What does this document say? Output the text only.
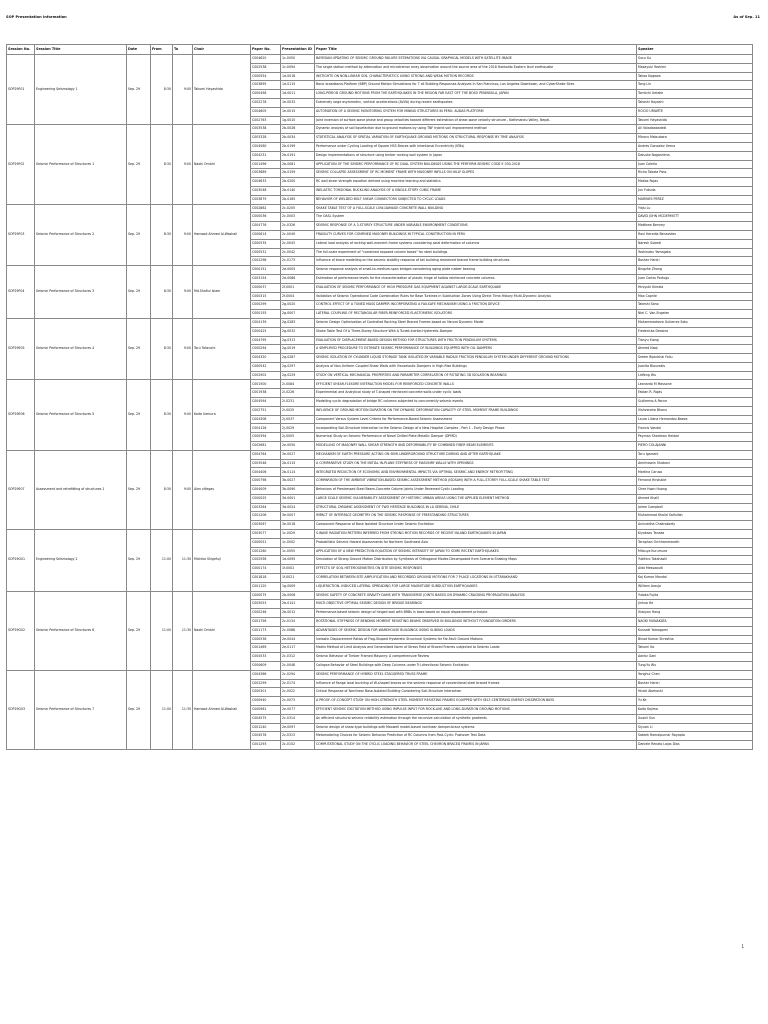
SOP Presentation Information	As of Sep. 11
Session No.	Session Title	Date	From	To	Chair	Paper No.	Presentation ID	Paper Title	Speaker
SOP29F01	Engineering Seismology 1	Sep. 29	8:30	9:00	Takumi Hayashida	C004620	1c-0050	BAYESIAN UPDATING OF SEISMIC GROUND FAILURE ESTIMATIONS VIA CAUSAL GRAPHICAL MODELS WITH SATELLITE IMAGE	Susu Xu
						C002538	1c-0094	The single station method by attenuation and microtremor array observation around the source area of the 2018 Hokkaido Eastern Iburi earthquake	Masayuki Yoshimi
						C000554	1d-0018	INSTIGHTS ON NON-LINEAR SOIL CHARACTERISTICS USING STRONG AND WEAK MOTION RECORDS	Takao Kagawa
						C003895	1d-0115	Basic broadband-Platform (BBP) Ground Motion Simulations for 7 all Building Responses Analyses in San Francisco, Los Angeles Downtown, and CyberShake Sites	Tong Lin
						C000458	1d-0011	LONG-PERIOD GROUND MOTIONS FROM THE EARTHQUAKES IN THE REGION FAR EAST OFF THE BOSO PENINSULA, JAPAN	Tomiichi Uetake
						C002278	1e-0032	Extremely large asymmetric, vertical accelerations (AVVA) during recent earthquakes	Takashi Hayashi
						C004605	1e-0015	AUTOMATION OF A SEISMIC MONITORING SYSTEM FOR MINING STRUCTURES IN PERU: AUDAS PLATFORM	ROCIO URIARTE
						C002763	1g-0010	Joint inversion of surface-wave phase and group velocities toward different estimation of shear-wave velocity structure - Kathmandu Valley, Nepal-	Takumi Hayashida
SOP29F02	Seismic Performance of Structures 1	Sep. 29	8:30	9:00	Naoki Omichi	C003538	2b-0026	Dynamic analysis of soil liquefaction due to ground motions by using TNF hybrid soil improvement method	Ali Valadaabadeki
						C003328	2b-0034	STATISTICAL ANALYSIS OF SPATIAL VARIATION OF EARTHQUAKE GROUND MOTIONS ON STRUCTURAL RESPONSE BY TIME ANALYSIS	Minoru Matsubara
						C004560	2b-0199	Performance under Cycling Loading of Square HSS Braces with Intentional Eccentricity (IEBs)	Andres Gonzalez Urena
						C004231	2b-0191	Design implementations of structure using timber rocking wall system in Japan	Daisuke Nagashima
						C001496	2b-0081	APPLICATION OF THE SEISMIC PERFORMANCE OF RC DUAL SYSTEM BUILDINGS USING THE PERFORM-SEISMIC CODE E 030-2018	Juan Caleña
						C003689	2b-0159	SEISMIC COLLAPSE ASSESSMENT OF RC MOMENT FRAME WITH MASONRY INFILLS ON HILLY SLOPES	Richa Tabata Pass
						C004633	2b-0200	RC wall shear strength equation derived using machine learning and statistics	Matias Rojas
						C003048	2b-0140	INELASTIC TORSIONAL BUCKLING ANALYSIS OF A SINGLE-STORY CUBIC FRAME	Jun Fukuda
						C003879	2b-0165	BEHAVIOR OF WELDED BOLT SHEAR CONNECTORS SUBJECTED TO CYCLIC LOADS	MARINES PEREZ
SOP29F03	Seismic Performance of Structures 2	Sep. 29	8:30	9:00	Hamood Ahmed Al-Washali	C002862	2c-0205	SHAKE TABLE TEST OF A FULL-SCALE LOW-DAMAGE CONCRETE WALL BUILDING	Yiqiu Lu
						C000036	2c-0003	The OASL System	DAVID JOHN MCDERMOTT
						C004776	2c-0326	SEISMIC RESPONSE OF A 3-STOREY STRUCTURE UNDER VARIABLE ENVIRONMENT CONDITIONS	Matthew Benney
						C000614	2c-0049	FRAGILITY CURVES FOR CONFINED MASONRY BUILDINGS IN TYPICAL CONSTRUCTION IN PERU	Raul Heredia Benavides
						C000535	2c-0043	Lateral load analysis of rocking wall-moment frame systems considering axial deformation of columns	Naresh Subedi
						C000531	2c-0042	The full-scale experiment of "combined exposed column bases" for steel buildings	Yoshinobu Yamagata
						C002298	2c-0173	Influence of brace modelling on the seismic stability response of tall building restrained braced frame building structures	Basher Haniri
SOP29F04	Seismic Performance of Structures 3	Sep. 29	8:30	9:00	Md.Shafiul Islam	C000151	2d-0005	Seismic response analysis of small-to-medium-span bridges considering aging plate rubber bearing	Bingzhe Zhang
						C003154	2d-0086	Estimation of performance levels for the characterization of plastic hinge of hollow reinforced concrete columns	Juan Carlos Portugu
						C000037	2f-0001	EVALUATION OF SEISMIC PERFORMANCE OF HIGH PRESSURE GAS EQUIPMENT AGAINST LARGE-SCALE EARTHQUAKE	Hiroyuki Kimata
						C000315	2f-0004	Validation of Seismic Operational Code Combination Rules for Base Turbines in Subduction Zones Using Direct Time-History Multi-Dynamic Analysis	Max Caprile
						C000299	2g-0020	CONTROL EFFECT OF A TUNED MASS DAMPER INCORPORATING A FAILSAFE MECHANISM USING A FRICTION DEVICE	Takeshi Sano
						C000155	2g-0007	LATERAL COUPLING OF RECTANGULAR FIBER-REINFORCED ELASTOMERIC ISOLATORS	Niel C. Van-Engelen
SOP29E05	Seismic Performance of Structures 4	Sep. 29	8:30	9:00	Toru Takeuchi	C004139	2g-0283	Seismic Design Optimization of Controlled Rocking Steel Braced Frames based on Neural Dynamic Model	Mohammadreza Gutierrez Soto
						C000425	2g-0032	Shake Table Test Of A Three-Storey Structure With A Tuned-Inerter-Hysteretic-Damper	Fredericka Deastra
						C004795	2g-0313	EVALUATION OF DISPLACEMENT-BASED DESIGN METHOD FOR STRUCTURES WITH FRICTION PENDULUM SYSTEMS	Tianyu Xiong
						C000294	2g-0019	A SIMPLIFIED PROCEDURE TO ESTIMATE SEISMIC PERFORMANCE OF BUILDINGS EQUIPPED WITH OIL DAMPERS	Ahmed Naqi
						C004320	2g-0287	SEISMIC ISOLATION OF CYLINDER LIQUID STORAGE TANK ISOLATED BY VARIABLE RADIUS FRICTION PENDULUM SYSTEM UNDER DIFFERENT GROUND MOTIONS	Sreem Bipinbhai Fallu
						C000542	2g-0297	Analysis of Non-Uniform Coupled Shear Walls with Viscoelastic Dampers in High-Rise Buildings	Juanita Blouzakis
						C002902	2g-0229	STUDY ON VERTICAL MECHANICAL PROPERTIES AND PARAMETER CORRELATION OF ROTATING 3D ISOLATION BEARINGS	Lidfeng Wu
SOP29E06	Seismic Performance of Structures 5	Sep. 29	8:30	9:00	Koita Uemura	C001500	2i-0084	EFFICIENT SHEAR-FLEXURE INTERACTION MODEL FOR REINFORCED CONCRETE WALLS	Leonardo M Massone
						C001938	2i-0226	Experimental and Analytical study of T-shaped reinforced concrete walls under cyclic loads	Fabian R. Rojas
						C004594	2i-0231	Modelling cyclic degradation of bridge RC columns subjected to concurrently seismic events	Guillermo A Ponce
						C002751	2i-0025	INFLUENCE OF GROUND MOTION DURATION ON THE DYNAMIC DEFORMATION CAPACITY OF STEEL MOMENT FRAME BUILDINGS	Vishvendra Bhanu
						C004308	2j-0037	Component Versus System Level Criteria for Performance-Based Seismic Assessment	Laura Liliana Hernandez-Baeza
						C004126	2j-0029	Incorporating Soil-Structure Interaction to the Seismic Design of a New Hospital Complex - Part 1 - Early Design Phase	Francis Vandal
						C000394	2j-0005	Numerical Study on Seismic Performance of Novel Drilled Plate Metallic Damper (DPMD)	Peyman Shadman Heidari
						C002681	2e-0050	MODELLING OF MASONRY WALL SHEAR STRENGTH AND DEFORMABILITY BY COMBINED FIBER BEAM ELEMENTS	PIERO COLAJANNI
SOP29E07	Assessment and retrofitting of structures 1	Sep. 29	8:30	9:00	Alex villegas	C004764	3e-0027	MECHANISM OF EARTH PRESSURE ACTING ON SEMI-UNDERGROUND STRUCTURE DURING AND AFTER EARTHQUAKE	Toru Igarashi
						C003548	2b-0115	A COMPARATIVE STUDY ON THE INITIAL IN-PLANE STIFFNESS OF MASONRY WALLS WITH OPENINGS	Amirhosein Shabani
						C004406	2b-0114	INTEGRATED REDUCTION OF ECONOMIC AND ENVIRONMENTAL IMPACTS VIA OPTIMAL SEISMIC AND ENERGY RETROFITTING	Martina Caruso
						C000798	3b-0027	COMPARISON OF THE AMBIENT VIBRATION-BASED SEISMIC ASSESSMENT METHOD (ISDSAM) WITH A FULL-STOREY FULL-SCALE SHAKE TABLE TEST	Fernand Hirstuble
						C004009	3b-0090	Behaviors of Prestressed Steel Beam-Concrete Column Joints Under Reversed Cyclic Loading	Chee Hoon Huang
						C000025	3d-0001	LARGE SCALE SEISMIC VULNERABILITY ASSESSMENT OF HISTORIC URBAN AREAS USING THE APPLIED ELEMENT METHOD	Ahmed Khalil
						C003264	3d-0024	STRUCTURAL DYNAMIC ASSESSMENT OF TWO HERITAGE BUILDINGS IN LA SERENA, CHILE	Jaime Campbell
						C001206	3e-0007	IMPACT OF INTERFACE GEOMETRY ON THE SEISMIC RESPONSE OF FREESTANDING STRUCTURES	Muhammad Khalid Saifullah
						C003067	3e-0018	Component Response of Base Isolated Structure Under Seismic Excitation	Aniruddha Chakraborty
SOP29G01	Engineering Seismology 2	Sep. 29	11:00	11:30	Michiko Shigefuji	C003077	1c-0029	S-WAVE RADIATION PATTERN INFERRED FROM STRONG MOTION RECORDS OF RECENT INLAND EARTHQUAKES IN JAPAN	Kiyokazu Tanaka
						C000051	1c-0002	Probabilistic Seismic Hazard Assessments for Northern Southeast Asia	Teraphan Ornthammarath
						C001260	1c-0055	APPLICATION OF A NEW PREDICTION EQUATION OF SEISMIC INTENSITY OF JAPAN TO SOME RECENT EARTHQUAKES	Mitsuya Kurumura
						C002556	1d-0095	Simulation of Strong Ground Motion Distribution by Synthesis of Orthogonal Modes Decomposed from Scenario Shaking Maps	Yukihiro Takahashi
						C000174	1f-0002	EFFECTS OF SOIL HETEROGENEITIES ON SITE SEISMIC RESPONSES	Aida Messaoudi
						C001818	1f-0021	CORRELATION BETWEEN SITE AMPLIFICATION AND RECORDED GROUND MOTIONS FOR 7 PLACE LOCATIONS IN UTTARAKHAND	Kaj Kumar Mondal
						C001120	1g-0009	LIQUEFACTION- INDUCED LATERAL SPREADING FOR LARGE MAGNITUDE SUBDUCTION EARTHQUAKES	William Araujo
SOP29G02	Seismic Performance of Structures 6	Sep. 29	11:00	11:30	Naoki Omichi	C000075	2b-0006	SEISMIC SAFETY OF CONCRETE GRAVITY DAMS WITH TRANSVERSE JOINTS BASED ON DYNAMIC CRACKING PROPAGATION ANALYSIS	Yutaka Fujita
						C003053	2b-0141	MULTI-OBJECTIVE OPTIMAL SEISMIC DESIGN OF BRIDGE BEARINGS	Jinhua He
						C000246	2b-0012	Performance-based seismic design of hinged wall with BRBs in base based on equal displacement principle.	Xiaoyan Hong
						C001756	2c-0134	ROTATIONAL STIFFNESS OF BENDING MOMENT RESISTING BEAMS OBSERVED IN BUILDINGS WITHOUT FOUNDATION GIRDERS	NAOKI MUNAKATA
						C001173	2c-0088	ADVANTAGES OF SEISMIC DESIGN FOR WAREHOUSE BUILDINGS USING SLIDING LOADS	Kunsaki Yamagami
						C000536	2e-0044	Inelastic Displacement Ratios of Flag-Shaped Hysteretic Structural Systems for Far-Fault Ground Motions	Binod Kumar Shrestha
						C001469	2e-0117	Matrix Method of Limit Analysis and Generalized Norm of Stress Field of Braced Frames subjected to Seismic Loads	Takumi Ito
						C004533	2c-0312	Seismic Behavior of Timber Framed Masonry: A comprehensive Review	Aarkiz Gani
						C000609	2c-0048	Collapse Behavior of Steel Buildings with Deep Columns under Tri-directional Seismic Excitation	Tung-Yu Wu
SOP29G03	Seismic Performance of Structures 7	Sep. 29	11:00	11:30	Hamood Ahmed Al-Washali	C004366	2c-0294	SEISMIC PERFORMANCE OF HYBRID STEEL STAGGERED TRUSS FRAME	Yonghui Chen
						C002299	2c-0174	Influence of flange local buckling of W-shaped braces on the seismic response of conventional steel braced frames	Basher Haniri
						C000301	2c-0022	Critical Response of Nonlinear Base-Isolated Building Considering Soil-Structure Interaction	Hiroki Akehashi
						C000940	2c-0073	A PROOF-OF-CONCEPT STUDY ON HIGH-STRENGTH STEEL MOMENT RESISTING FRAMES EQUIPPED WITH SELF-CENTERING ENERGY DISSIPATION BAYS	Yu Ke
						C000961	2e-0077	EFFICIENT SEISMIC EXCITATION METHOD USING IMPULSE INPUT FOR ROCK-LIKE AND LONG-DURATION GROUND MOTIONS	Kaito Kojima
						C004575	2c-0314	An efficient structural seismic reliability estimation through the recursive calculation of synthetic gradients	Xuanli Sun
						C001240	2e-0097	Seismic design of shear-type buildings with Maxwell model-based nonlinear damper-brace systems	Siyuan Li
						C004578	2c-0313	Metamodeling Choices for Seismic Behavior Prediction of RC Columns from Post-Cyclic Pushover Test Data	Sateek Ramalpurnar Rayapta
						C001293	2c-0102	COMPUTATIONAL STUDY ON THE CYCLIC LOADING BEHAVIOR OF STEEL CHEVRON BRACED FRAMES IN JAPAN	Daniele Renato Lajos Dias
1
